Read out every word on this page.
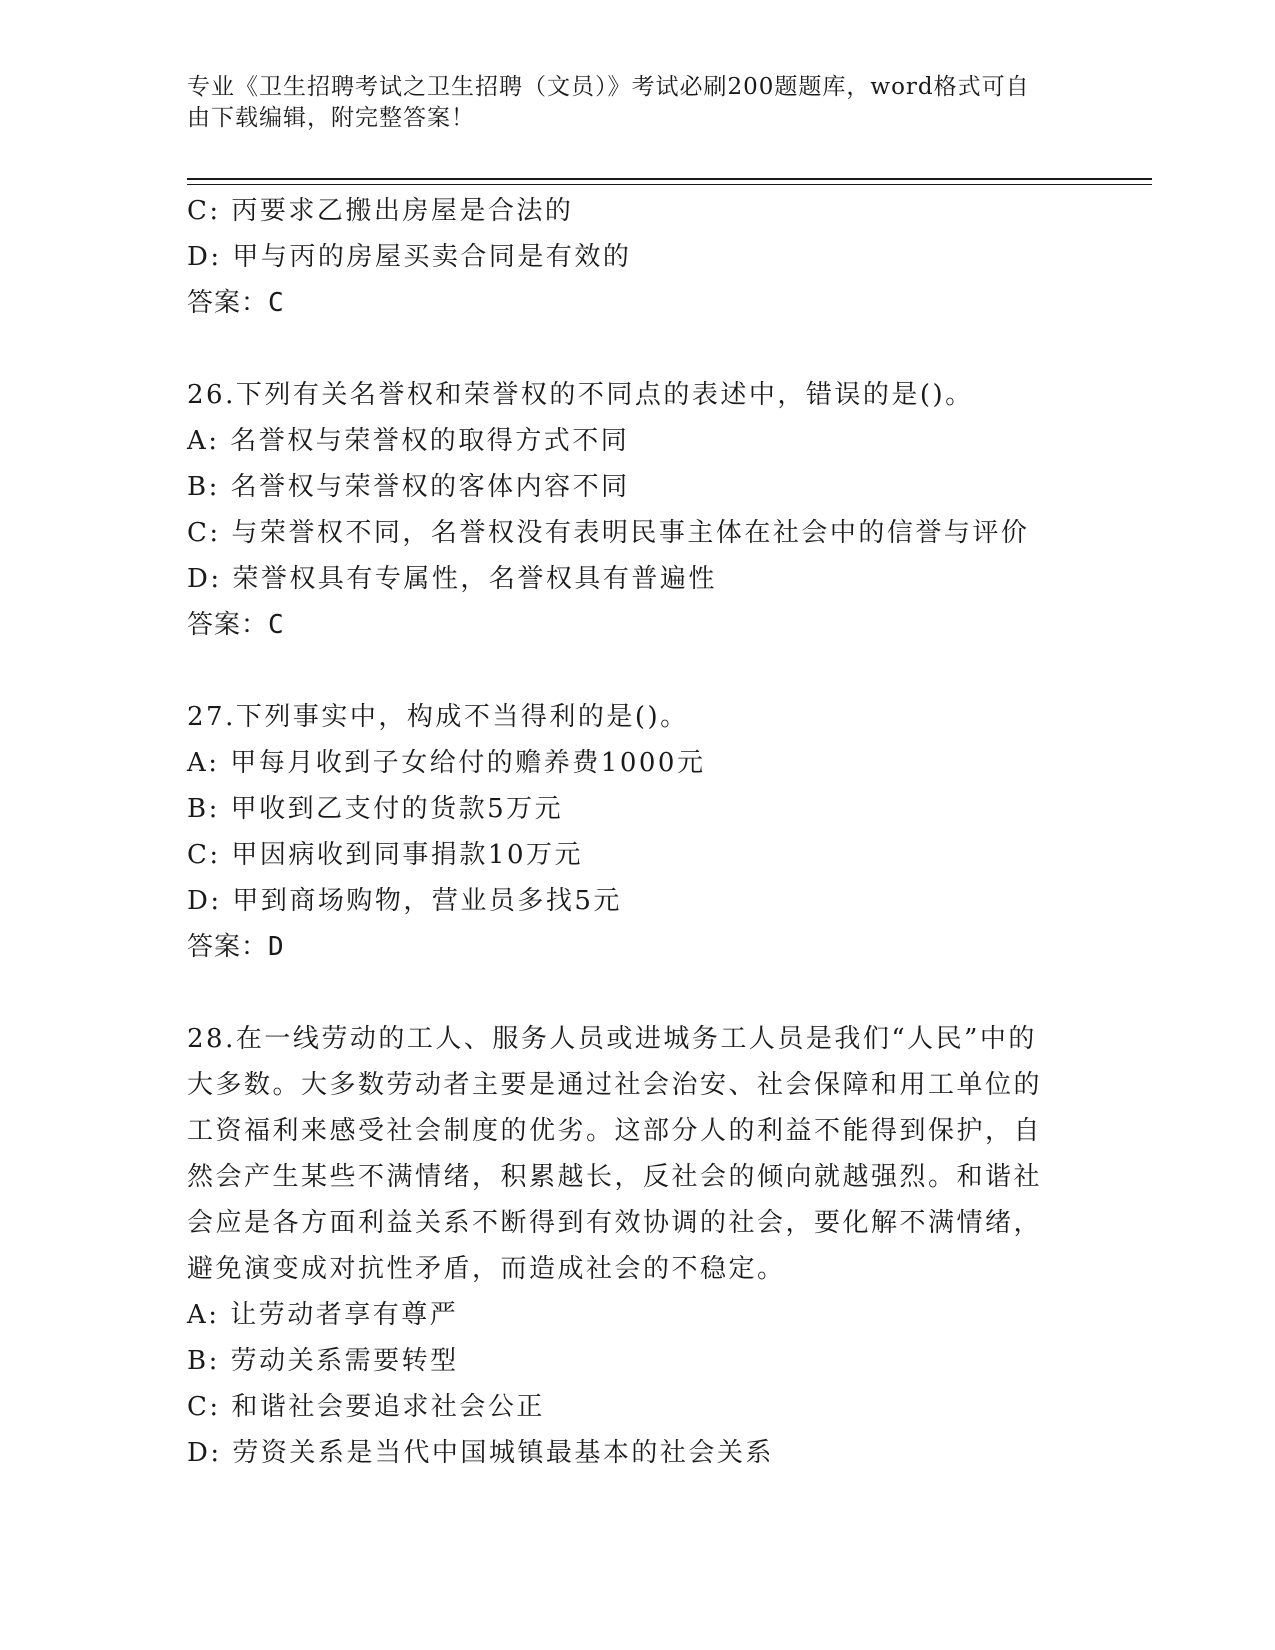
专业《卫生招聘考试之卫生招聘（文员）》考试必刷200题题库，word格式可自
由下载编辑，附完整答案！
C: 丙要求乙搬出房屋是合法的
D: 甲与丙的房屋买卖合同是有效的
答案：C
26.下列有关名誉权和荣誉权的不同点的表述中，错误的是()。
A: 名誉权与荣誉权的取得方式不同
B: 名誉权与荣誉权的客体内容不同
C: 与荣誉权不同，名誉权没有表明民事主体在社会中的信誉与评价
D: 荣誉权具有专属性，名誉权具有普遍性
答案：C
27.下列事实中，构成不当得利的是()。
A: 甲每月收到子女给付的赡养费1000元
B: 甲收到乙支付的货款5万元
C: 甲因病收到同事捐款10万元
D: 甲到商场购物，营业员多找5元
答案：D
28.在一线劳动的工人、服务人员或进城务工人员是我们“人民”中的
大多数。大多数劳动者主要是通过社会治安、社会保障和用工单位的
工资福利来感受社会制度的优劣。这部分人的利益不能得到保护，自
然会产生某些不满情绪，积累越长，反社会的倾向就越强烈。和谐社
会应是各方面利益关系不断得到有效协调的社会，要化解不满情绪，
避免演变成对抗性矛盾，而造成社会的不稳定。
A: 让劳动者享有尊严
B: 劳动关系需要转型
C: 和谐社会要追求社会公正
D: 劳资关系是当代中国城镇最基本的社会关系
